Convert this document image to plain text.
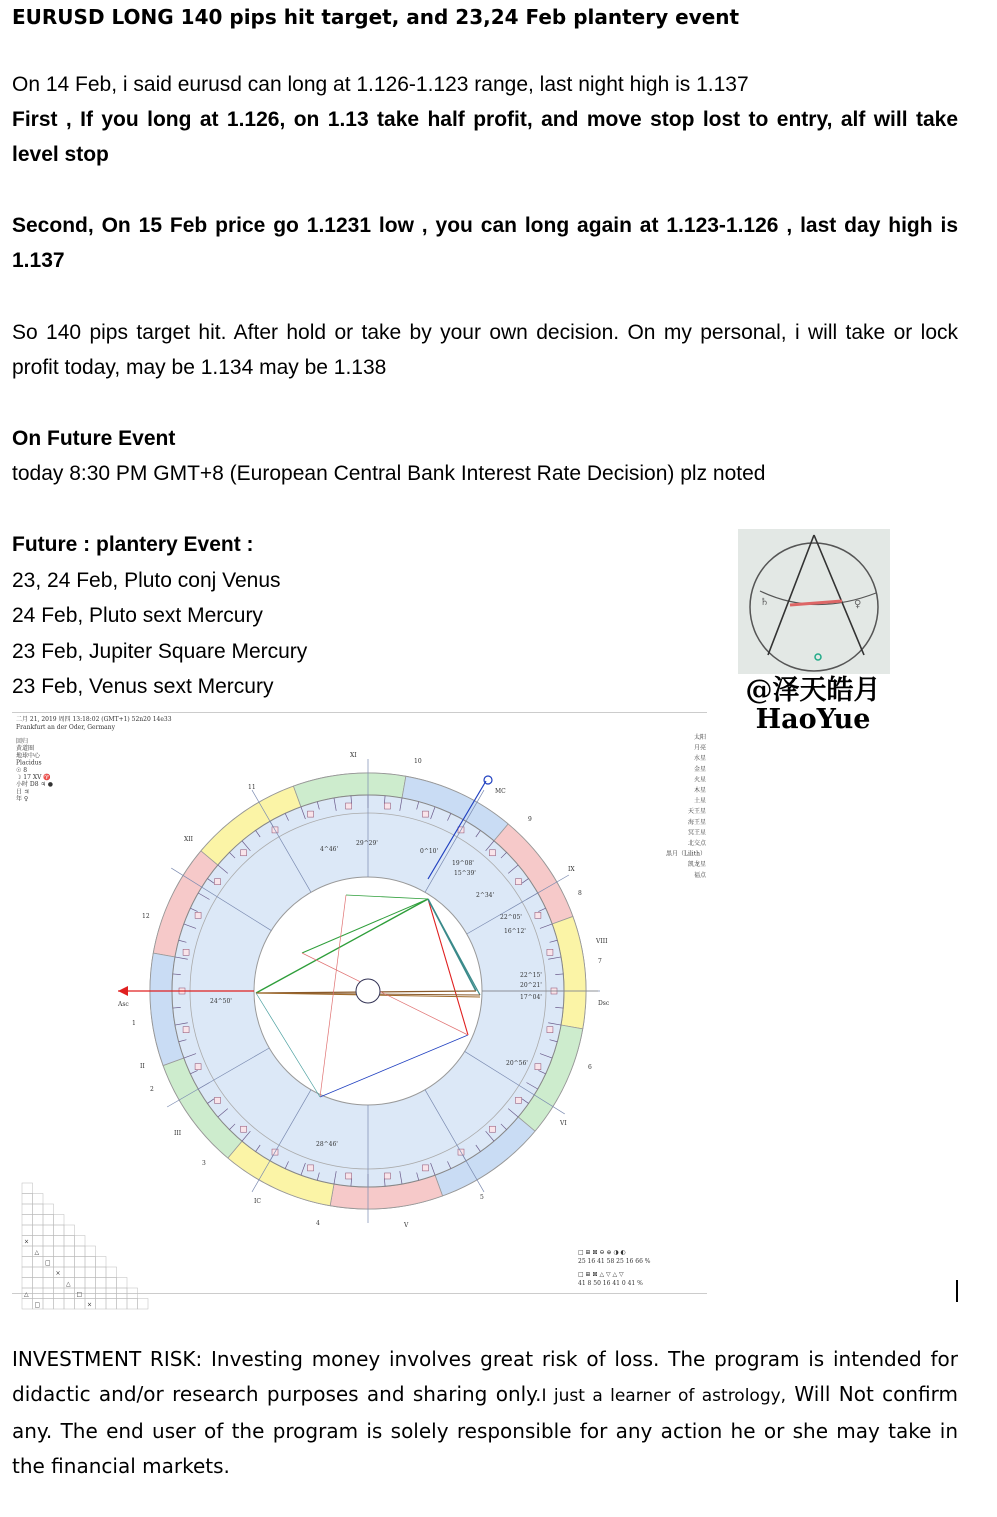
EURUSD LONG 140 pips hit target, and 23,24 Feb plantery event
On 14 Feb, i said eurusd can long at 1.126-1.123 range, last night high is 1.137
First , If you long at 1.126, on 1.13 take half profit, and move stop lost to entry, alf will take
level stop
Second, On 15 Feb price go 1.1231 low , you can long again at 1.123-1.126 , last day high is
1.137
So 140 pips target hit. After hold or take by your own decision. On my personal, i will take or lock
profit today, may be 1.134 may be 1.138
On Future Event
today 8:30 PM GMT+8 (European Central Bank Interest Rate Decision) plz noted
Future : plantery Event :
23, 24 Feb, Pluto conj Venus
24 Feb, Pluto sext Mercury
23 Feb, Jupiter Square Mercury
23 Feb, Venus sext Mercury
♄	♀
@泽天皓月
HaoYue
二月 21, 2019 周四 13:18:02 (GMT+1) 52n20 14e33
Frankfurt an der Oder, Germany
回归
黄道圈
地球中心
Placidus
☉ 8
☽ 17 XV ♈
小时 D8 ♃ ●
日 ♃
年 ♀
太阳
月亮
水星
金星
火星
木星
土星
天王星
海王星
冥王星
北交点
黑月（Lilith）
凯龙星
福点
4^46'
29^29'
0^10'
19^08'
15^39'
2^34'
22^05'
16^12'
22^15'
20^21'
17^04'
24^50'
20^56'
28^46'
MC
Asc	Dsc
IC
XI
10
11
XII
12
IX
9
8
VIII
7
II
2
III
3
4
5
VI
6
V
1
×
△
□
×
△
△	□
□	×
□ ⊞ ⊠ ⊖ ⊕ ◑ ◐
25 16 41 58 25 16 66 %
□ ⊞ ⊠ △ ▽ △ ▽
41 8 50 16 41 0 41 %

INVESTMENT RISK: Investing money involves great risk of loss. The program is intended for didactic and/or research purposes and sharing only.I just a learner of astrology, Will Not confirm any. The end user of the program is solely responsible for any action he or she may take in the financial markets.
